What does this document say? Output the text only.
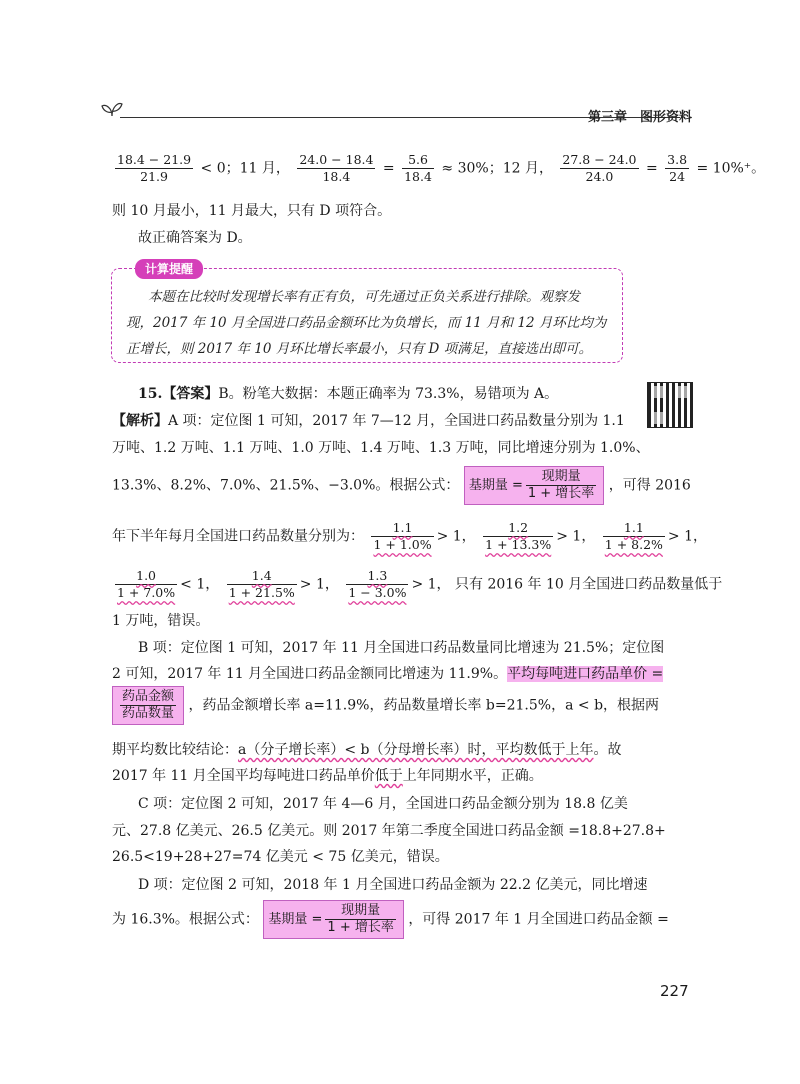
第三章 图形资料
$\frac{18.4 - 21.9}{21.9} < 0$；11 月， $\frac{24.0 - 18.4}{18.4} = \frac{5.6}{18.4} \approx 30\%$；12 月， $\frac{27.8 - 24.0}{24.0} = \frac{3.8}{24} = 10\%^+$。
则 10 月最小，11 月最大，只有 D 项符合。
故正确答案为 D。
计算提醒
本题在比较时发现增长率有正有负，可先通过正负关系进行排除。观察发
现，2017 年 10 月全国进口药品金额环比为负增长，而 11 月和 12 月环比均为
正增长，则 2017 年 10 月环比增长率最小，只有 D 项满足，直接选出即可。
15.【答案】B。粉笔大数据：本题正确率为 73.3%，易错项为 A。
【解析】A 项：定位图 1 可知，2017 年 7—12 月，全国进口药品数量分别为 1.1
万吨、1.2 万吨、1.1 万吨、1.0 万吨、1.4 万吨、1.3 万吨，同比增速分别为 1.0%、
13.3%、8.2%、7.0%、21.5%、−3.0%。根据公式： 基期量 = $\frac{\text{现期量}}{\text{1 + 增长率}}$ ，可得 2016
年下半年每月全国进口药品数量分别为： $\frac{1.1}{1 + 1.0\%} > 1$， $\frac{1.2}{1 + 13.3\%} > 1$， $\frac{1.1}{1 + 8.2\%} > 1$，
$\frac{1.0}{1 + 7.0\%} < 1$， $\frac{1.4}{1 + 21.5\%} > 1$， $\frac{1.3}{1 - 3.0\%} > 1$， 只有 2016 年 10 月全国进口药品数量低于
1 万吨，错误。
B 项：定位图 1 可知，2017 年 11 月全国进口药品数量同比增速为 21.5%；定位图
2 可知，2017 年 11 月全国进口药品金额同比增速为 11.9%。平均每吨进口药品单价 =
$\frac{\text{药品金额}}{\text{药品数量}}$ ，药品金额增长率 a=11.9%，药品数量增长率 b=21.5%，a < b，根据两
期平均数比较结论：a（分子增长率）< b（分母增长率）时，平均数低于上年。故
2017 年 11 月全国平均每吨进口药品单价低于上年同期水平，正确。
C 项：定位图 2 可知，2017 年 4—6 月，全国进口药品金额分别为 18.8 亿美
元、27.8 亿美元、26.5 亿美元。则 2017 年第二季度全国进口药品金额 =18.8+27.8+
26.5<19+28+27=74 亿美元 < 75 亿美元，错误。
D 项：定位图 2 可知，2018 年 1 月全国进口药品金额为 22.2 亿美元，同比增速
为 16.3%。根据公式： 基期量 = $\frac{\text{现期量}}{\text{1 + 增长率}}$ ，可得 2017 年 1 月全国进口药品金额 =
227
